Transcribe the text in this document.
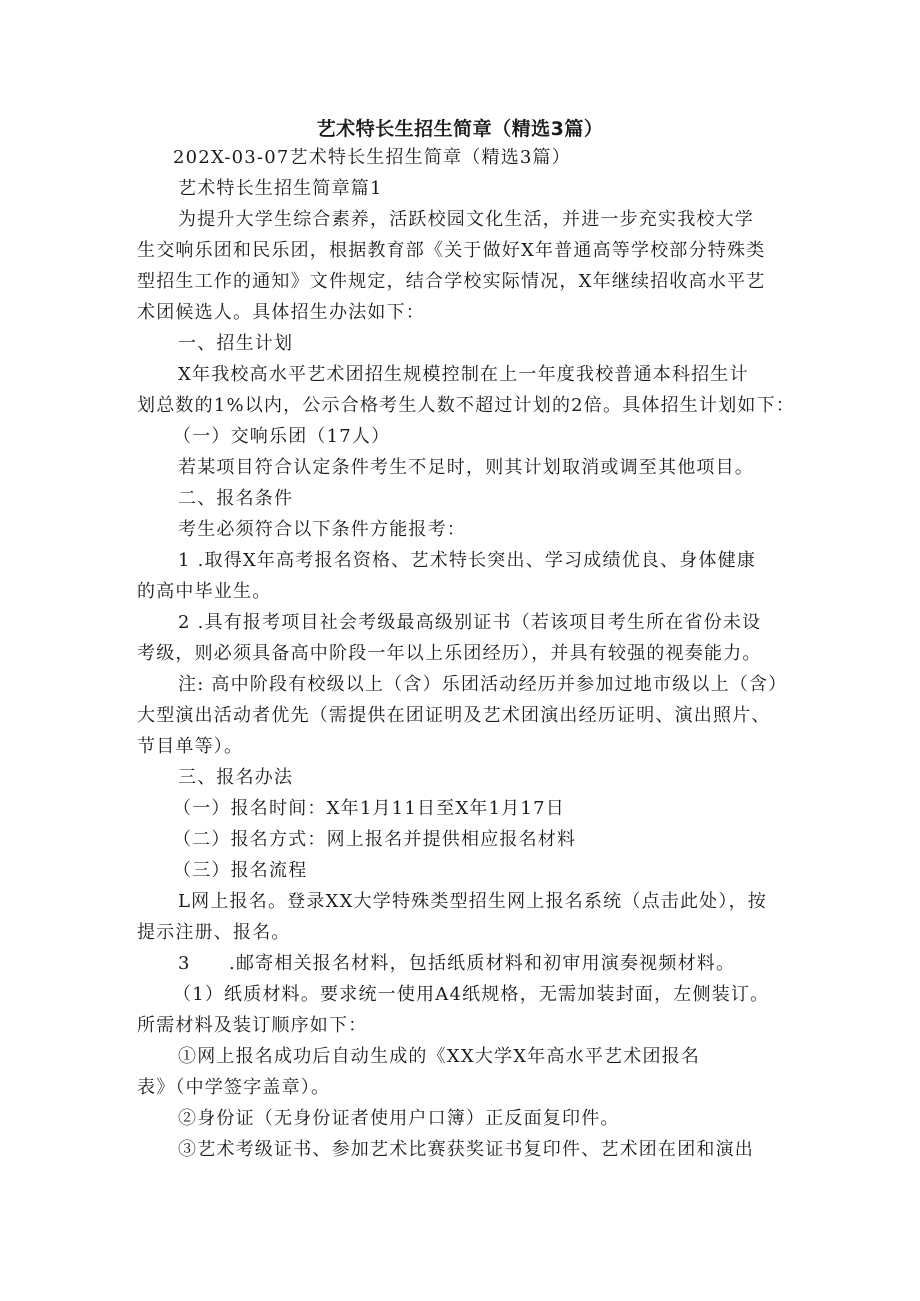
艺术特长生招生简章（精选3篇）

202X-03-07艺术特长生招生简章（精选3篇）

艺术特长生招生简章篇1

为提升大学生综合素养，活跃校园文化生活，并进一步充实我校大学

生交响乐团和民乐团，根据教育部《关于做好X年普通高等学校部分特殊类

型招生工作的通知》文件规定，结合学校实际情况，X年继续招收高水平艺

术团候选人。具体招生办法如下：

一、招生计划

X年我校高水平艺术团招生规模控制在上一年度我校普通本科招生计

划总数的1%以内，公示合格考生人数不超过计划的2倍。具体招生计划如下：

（一）交响乐团（17人）

若某项目符合认定条件考生不足时，则其计划取消或调至其他项目。

二、报名条件

考生必须符合以下条件方能报考：

1 .取得X年高考报名资格、艺术特长突出、学习成绩优良、身体健康

的高中毕业生。

2 .具有报考项目社会考级最高级别证书（若该项目考生所在省份未设

考级，则必须具备高中阶段一年以上乐团经历），并具有较强的视奏能力。

注: 高中阶段有校级以上（含）乐团活动经历并参加过地市级以上（含）

大型演出活动者优先（需提供在团证明及艺术团演出经历证明、演出照片、

节目单等）。

三、报名办法

（一）报名时间：X年1月11日至X年1月17日

（二）报名方式：网上报名并提供相应报名材料

（三）报名流程

L网上报名。登录XX大学特殊类型招生网上报名系统（点击此处），按

提示注册、报名。

3　　.邮寄相关报名材料，包括纸质材料和初审用演奏视频材料。

（1）纸质材料。要求统一使用A4纸规格，无需加装封面，左侧装订。

所需材料及装订顺序如下：

①网上报名成功后自动生成的《XX大学X年高水平艺术团报名

表》（中学签字盖章）。

②身份证（无身份证者使用户口簿）正反面复印件。

③艺术考级证书、参加艺术比赛获奖证书复印件、艺术团在团和演出
